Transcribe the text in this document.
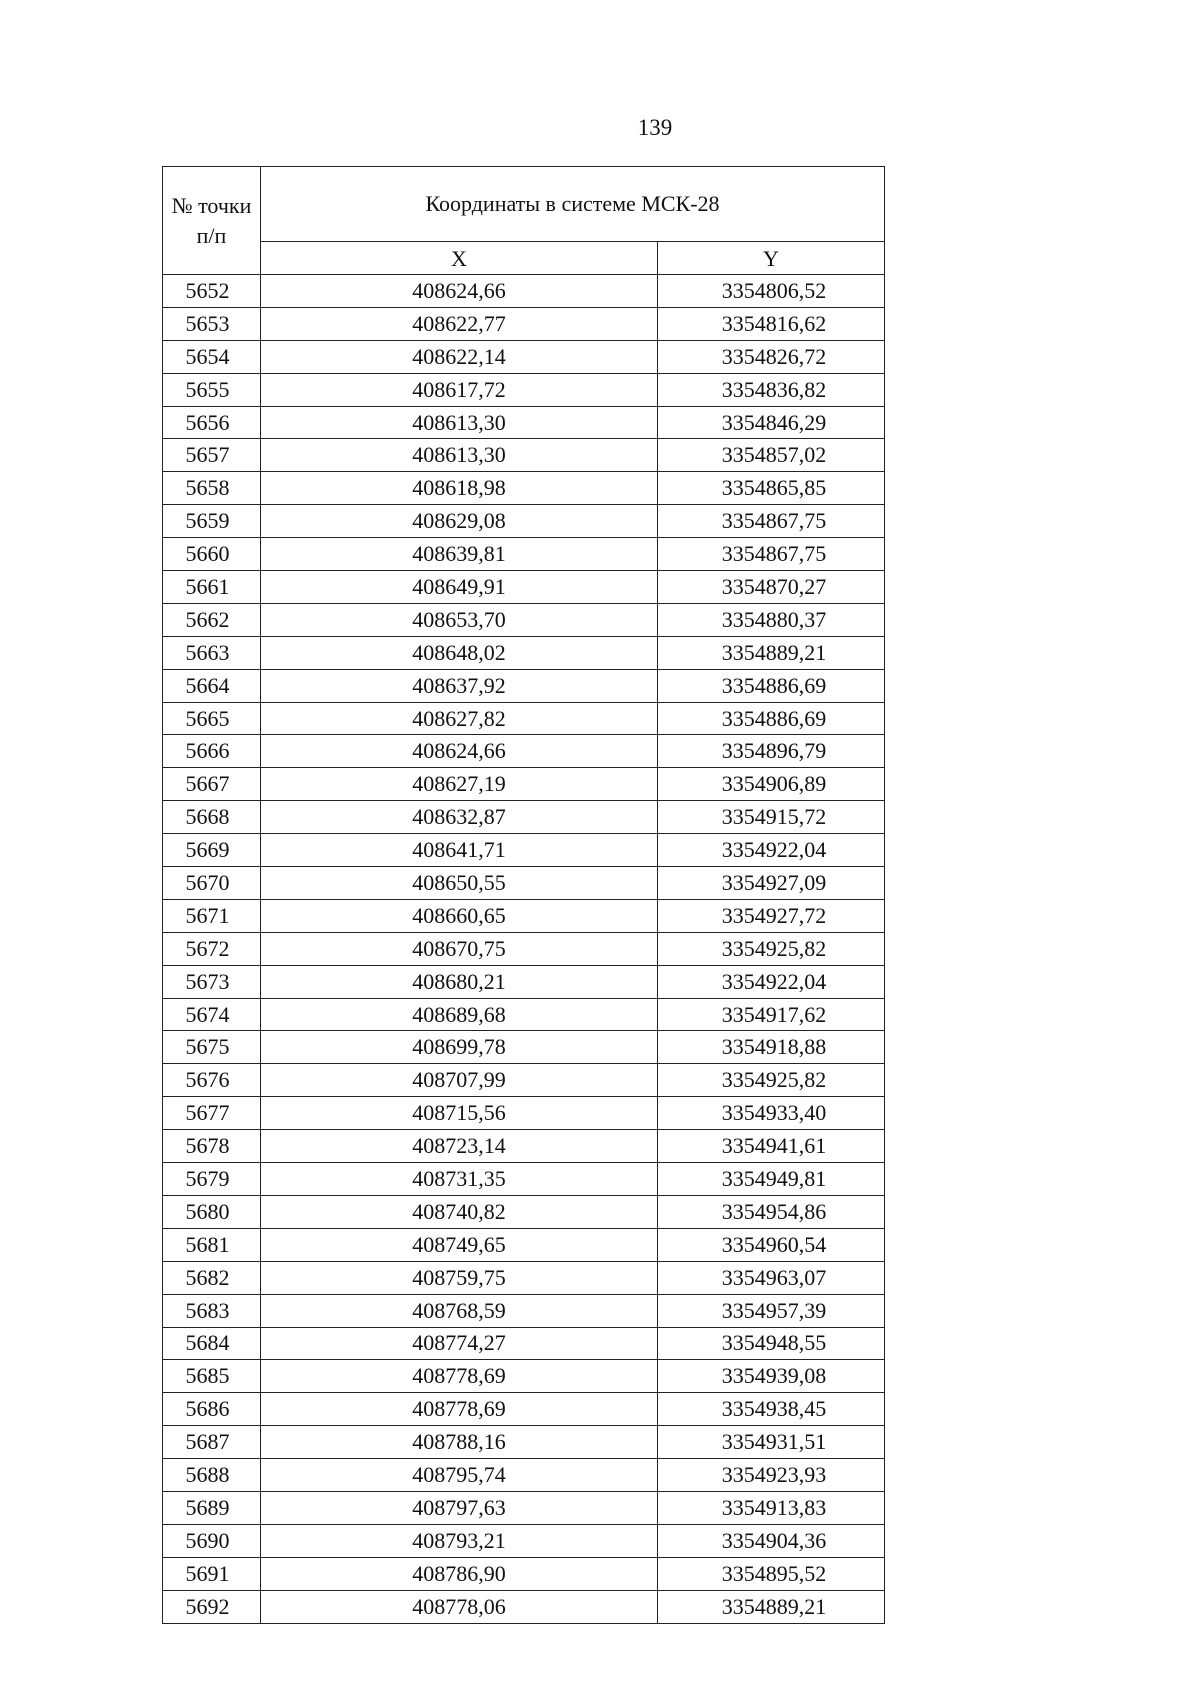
139
№ точки п/п	Координаты в системе МСК-28	
	X	Y
5652	408624,66	3354806,52
5653	408622,77	3354816,62
5654	408622,14	3354826,72
5655	408617,72	3354836,82
5656	408613,30	3354846,29
5657	408613,30	3354857,02
5658	408618,98	3354865,85
5659	408629,08	3354867,75
5660	408639,81	3354867,75
5661	408649,91	3354870,27
5662	408653,70	3354880,37
5663	408648,02	3354889,21
5664	408637,92	3354886,69
5665	408627,82	3354886,69
5666	408624,66	3354896,79
5667	408627,19	3354906,89
5668	408632,87	3354915,72
5669	408641,71	3354922,04
5670	408650,55	3354927,09
5671	408660,65	3354927,72
5672	408670,75	3354925,82
5673	408680,21	3354922,04
5674	408689,68	3354917,62
5675	408699,78	3354918,88
5676	408707,99	3354925,82
5677	408715,56	3354933,40
5678	408723,14	3354941,61
5679	408731,35	3354949,81
5680	408740,82	3354954,86
5681	408749,65	3354960,54
5682	408759,75	3354963,07
5683	408768,59	3354957,39
5684	408774,27	3354948,55
5685	408778,69	3354939,08
5686	408778,69	3354938,45
5687	408788,16	3354931,51
5688	408795,74	3354923,93
5689	408797,63	3354913,83
5690	408793,21	3354904,36
5691	408786,90	3354895,52
5692	408778,06	3354889,21
